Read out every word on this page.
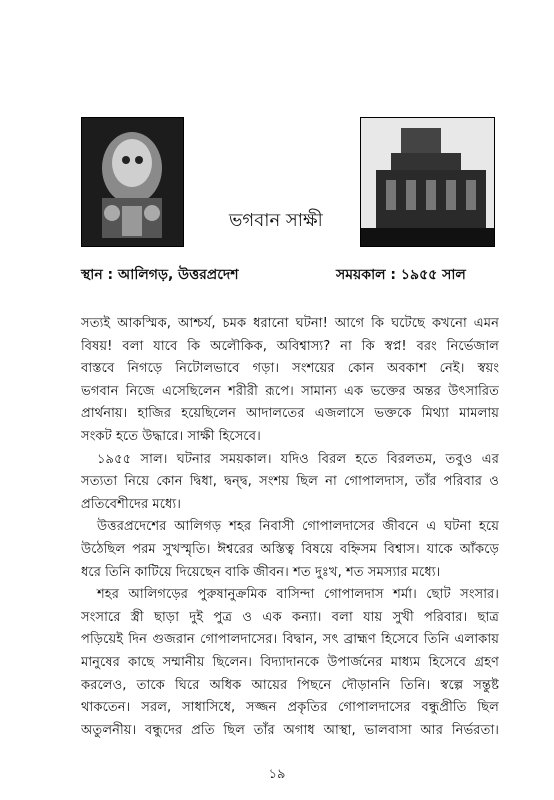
ভগবান সাক্ষী
স্থান : আলিগড়, উত্তরপ্রদেশ	সময়কাল : ১৯৫৫ সাল

সত্যই আকস্মিক, আশ্চর্য, চমক ধরানো ঘটনা! আগে কি ঘটেছে কখনো এমন
বিষয়! বলা যাবে কি অলৌকিক, অবিশ্বাস্য? না কি স্বপ্ন! বরং নির্ভেজাল
বাস্তবে নিগড়ে নিটোলভাবে গড়া। সংশয়ের কোন অবকাশ নেই। স্বয়ং
ভগবান নিজে এসেছিলেন শরীরী রূপে। সামান্য এক ভক্তের অন্তর উৎসারিত
প্রার্থনায়। হাজির হয়েছিলেন আদালতের এজলাসে ভক্তকে মিথ্যা মামলায়
সংকট হতে উদ্ধারে। সাক্ষী হিসেবে।

১৯৫৫ সাল। ঘটনার সময়কাল। যদিও বিরল হতে বিরলতম, তবুও এর
সত্যতা নিয়ে কোন দ্বিধা, দ্বন্দ্ব, সংশয় ছিল না গোপালদাস, তাঁর পরিবার ও
প্রতিবেশীদের মধ্যে।

উত্তরপ্রদেশের আলিগড় শহর নিবাসী গোপালদাসের জীবনে এ ঘটনা হয়ে
উঠেছিল পরম সুখস্মৃতি। ঈশ্বরের অস্তিত্ব বিষয়ে বহ্নিসম বিশ্বাস। যাকে আঁকড়ে
ধরে তিনি কাটিয়ে দিয়েছেন বাকি জীবন। শত দুঃখ, শত সমস্যার মধ্যে।

শহর আলিগড়ের পুরুষানুক্রমিক বাসিন্দা গোপালদাস শর্মা। ছোট সংসার।
সংসারে স্ত্রী ছাড়া দুই পুত্র ও এক কন্যা। বলা যায় সুখী পরিবার। ছাত্র
পড়িয়েই দিন গুজরান গোপালদাসের। বিদ্বান, সৎ ব্রাহ্মণ হিসেবে তিনি এলাকায়
মানুষের কাছে সম্মানীয় ছিলেন। বিদ্যাদানকে উপার্জনের মাধ্যম হিসেবে গ্রহণ
করলেও, তাকে ঘিরে অধিক আয়ের পিছনে দৌড়াননি তিনি। স্বল্পে সন্তুষ্ট
থাকতেন। সরল, সাধাসিধে, সজ্জন প্রকৃতির গোপালদাসের বন্ধুপ্রীতি ছিল
অতুলনীয়। বন্ধুদের প্রতি ছিল তাঁর অগাধ আস্থা, ভালবাসা আর নির্ভরতা।

১৯
